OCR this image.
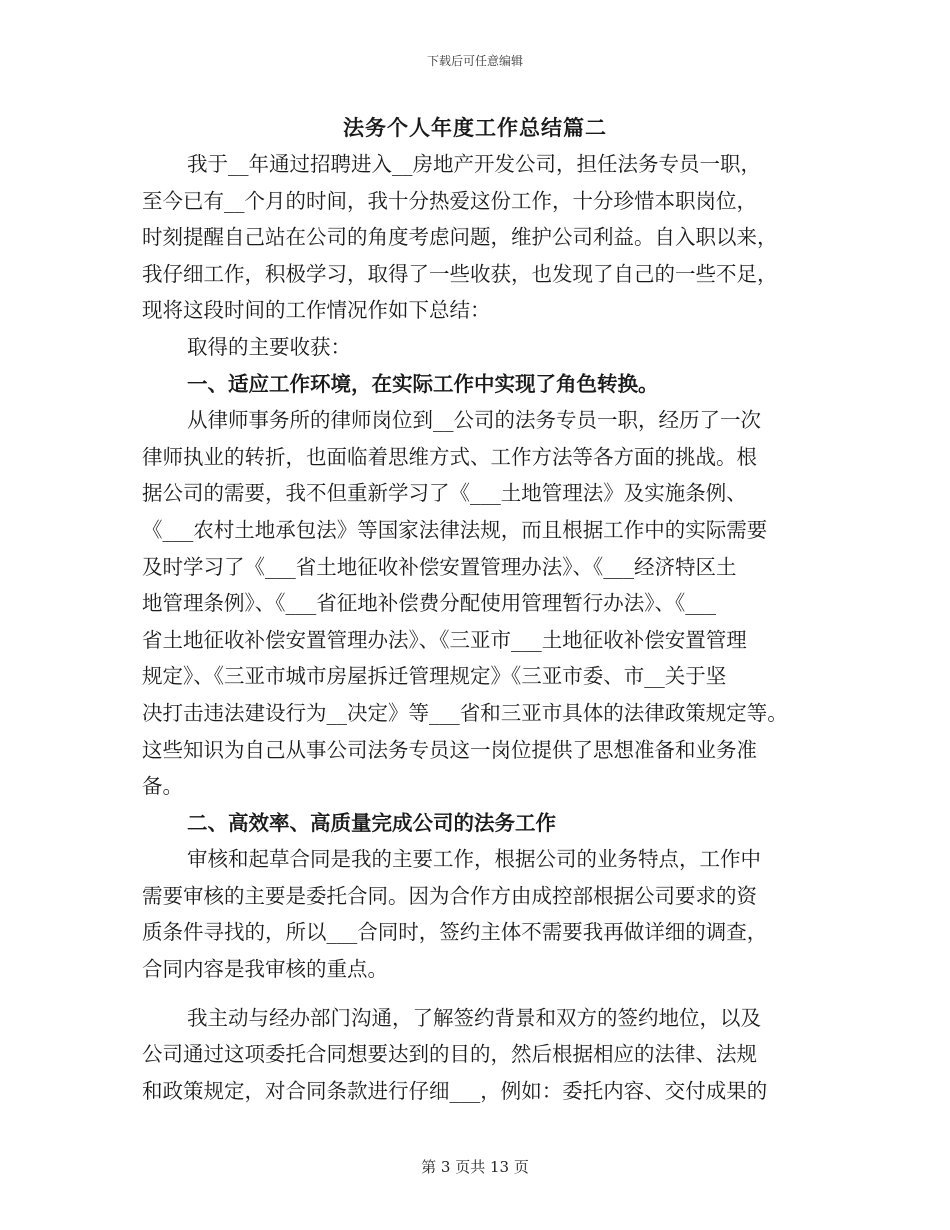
下载后可任意编辑
法务个人年度工作总结篇二
我于__年通过招聘进入__房地产开发公司，担任法务专员一职，
至今已有__个月的时间，我十分热爱这份工作，十分珍惜本职岗位，
时刻提醒自己站在公司的角度考虑问题，维护公司利益。自入职以来，
我仔细工作，积极学习，取得了一些收获，也发现了自己的一些不足，
现将这段时间的工作情况作如下总结：
取得的主要收获：
一、适应工作环境，在实际工作中实现了角色转换。
从律师事务所的律师岗位到__公司的法务专员一职，经历了一次
律师执业的转折，也面临着思维方式、工作方法等各方面的挑战。根
据公司的需要，我不但重新学习了《___土地管理法》及实施条例、
《___农村土地承包法》等国家法律法规，而且根据工作中的实际需要
及时学习了《___省土地征收补偿安置管理办法》、《___经济特区土
地管理条例》、《___省征地补偿费分配使用管理暂行办法》、《___
省土地征收补偿安置管理办法》、《三亚市___土地征收补偿安置管理
规定》、《三亚市城市房屋拆迁管理规定》《三亚市委、市__关于坚
决打击违法建设行为__决定》等___省和三亚市具体的法律政策规定等。
这些知识为自己从事公司法务专员这一岗位提供了思想准备和业务准
备。
二、高效率、高质量完成公司的法务工作
审核和起草合同是我的主要工作，根据公司的业务特点，工作中
需要审核的主要是委托合同。因为合作方由成控部根据公司要求的资
质条件寻找的，所以___合同时，签约主体不需要我再做详细的调查，
合同内容是我审核的重点。
我主动与经办部门沟通，了解签约背景和双方的签约地位，以及
公司通过这项委托合同想要达到的目的，然后根据相应的法律、法规
和政策规定，对合同条款进行仔细___，例如：委托内容、交付成果的
第 3 页共 13 页
